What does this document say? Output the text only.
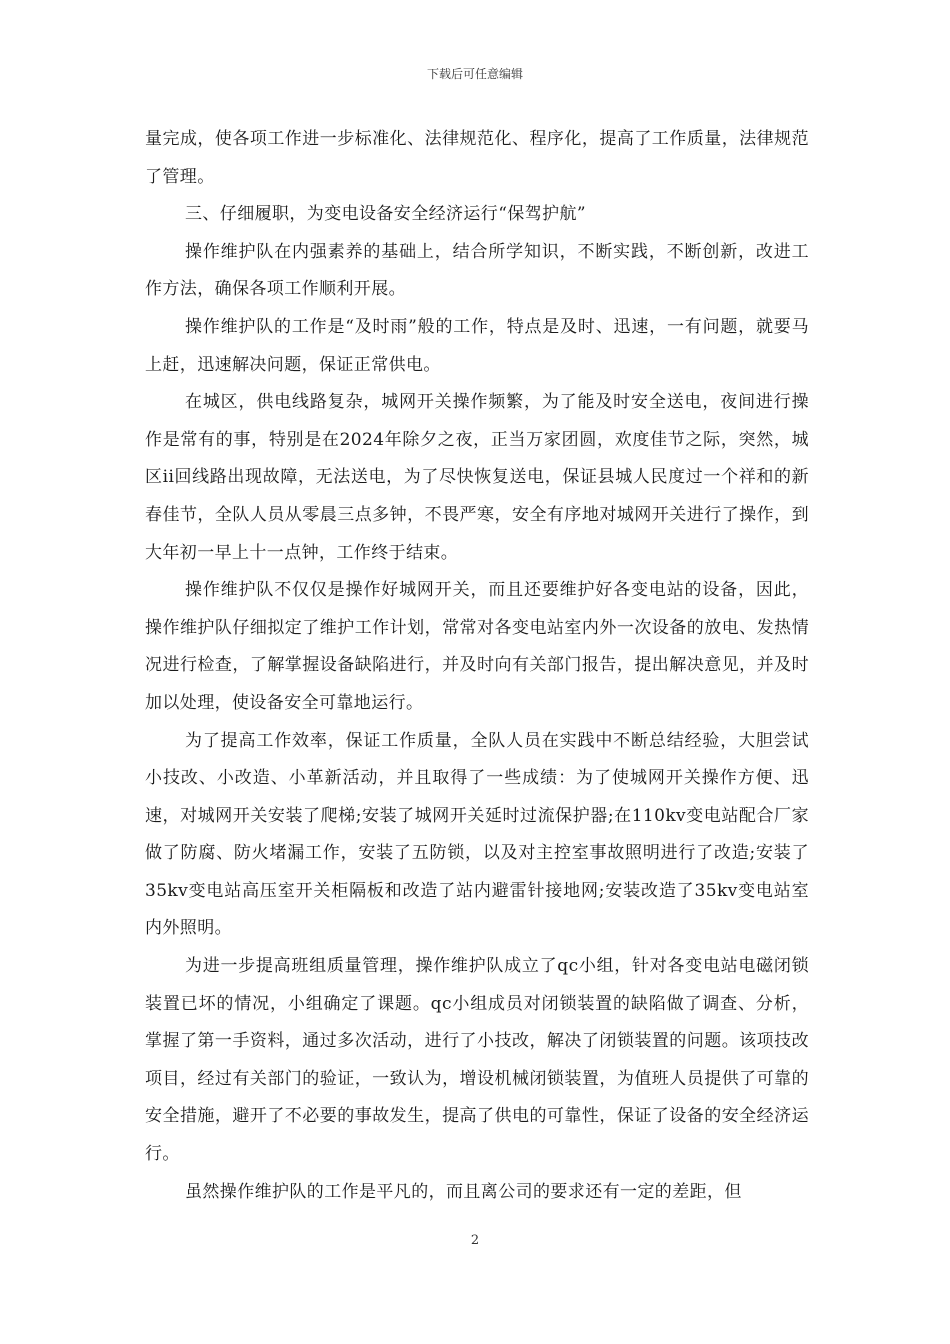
下载后可任意编辑

量完成，使各项工作进一步标准化、法律规范化、程序化，提高了工作质量，法律规范了管理。

三、仔细履职，为变电设备安全经济运行“保驾护航”

操作维护队在内强素养的基础上，结合所学知识，不断实践，不断创新，改进工作方法，确保各项工作顺利开展。

操作维护队的工作是“及时雨”般的工作，特点是及时、迅速，一有问题，就要马上赶，迅速解决问题，保证正常供电。

在城区，供电线路复杂，城网开关操作频繁，为了能及时安全送电，夜间进行操作是常有的事，特别是在2024年除夕之夜，正当万家团圆，欢度佳节之际，突然，城区ii回线路出现故障，无法送电，为了尽快恢复送电，保证县城人民度过一个祥和的新春佳节，全队人员从零晨三点多钟，不畏严寒，安全有序地对城网开关进行了操作，到大年初一早上十一点钟，工作终于结束。

操作维护队不仅仅是操作好城网开关，而且还要维护好各变电站的设备，因此，操作维护队仔细拟定了维护工作计划，常常对各变电站室内外一次设备的放电、发热情况进行检查，了解掌握设备缺陷进行，并及时向有关部门报告，提出解决意见，并及时加以处理，使设备安全可靠地运行。

为了提高工作效率，保证工作质量，全队人员在实践中不断总结经验，大胆尝试小技改、小改造、小革新活动，并且取得了一些成绩：为了使城网开关操作方便、迅速，对城网开关安装了爬梯;安装了城网开关延时过流保护器;在110kv变电站配合厂家做了防腐、防火堵漏工作，安装了五防锁，以及对主控室事故照明进行了改造;安装了35kv变电站高压室开关柜隔板和改造了站内避雷针接地网;安装改造了35kv变电站室内外照明。

为进一步提高班组质量管理，操作维护队成立了qc小组，针对各变电站电磁闭锁装置已坏的情况，小组确定了课题。qc小组成员对闭锁装置的缺陷做了调查、分析，掌握了第一手资料，通过多次活动，进行了小技改，解决了闭锁装置的问题。该项技改项目，经过有关部门的验证，一致认为，增设机械闭锁装置，为值班人员提供了可靠的安全措施，避开了不必要的事故发生，提高了供电的可靠性，保证了设备的安全经济运行。

虽然操作维护队的工作是平凡的，而且离公司的要求还有一定的差距，但

2
